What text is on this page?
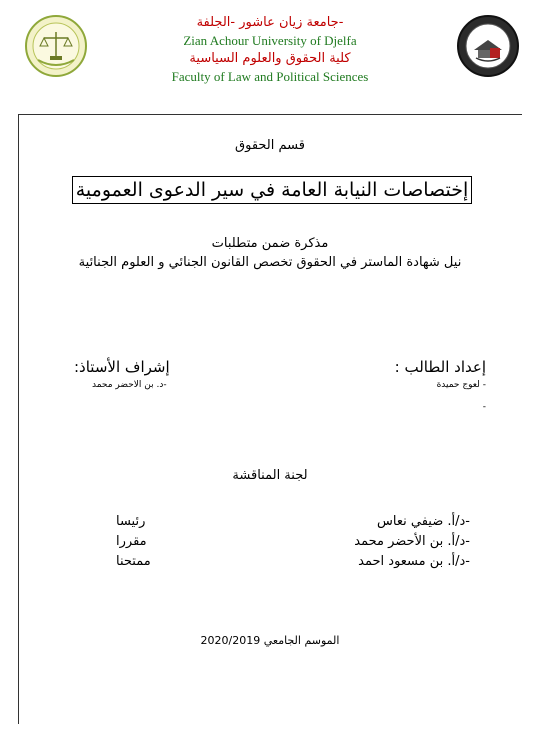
جامعة زيان عاشور -الجلفة-
Zian Achour University of Djelfa
كلية الحقوق والعلوم السياسية
Faculty of Law and Political Sciences
قسم الحقوق
إختصاصات النيابة العامة في سير الدعوى العمومية
مذكرة ضمن متطلبات
نيل شهادة الماستر في الحقوق تخصص القانون الجنائي و العلوم الجنائية
إعداد الطالب :
- لعوج حميدة
-
إشراف الأستاذ:
-د. بن الاحضر محمد
لجنة المناقشة
-د/أ. ضيفي نعاس
رئيسا
-د/أ. بن الأحضر محمد
مقررا
-د/أ. بن مسعود احمد
ممتحنا
الموسم الجامعي 2020/2019
